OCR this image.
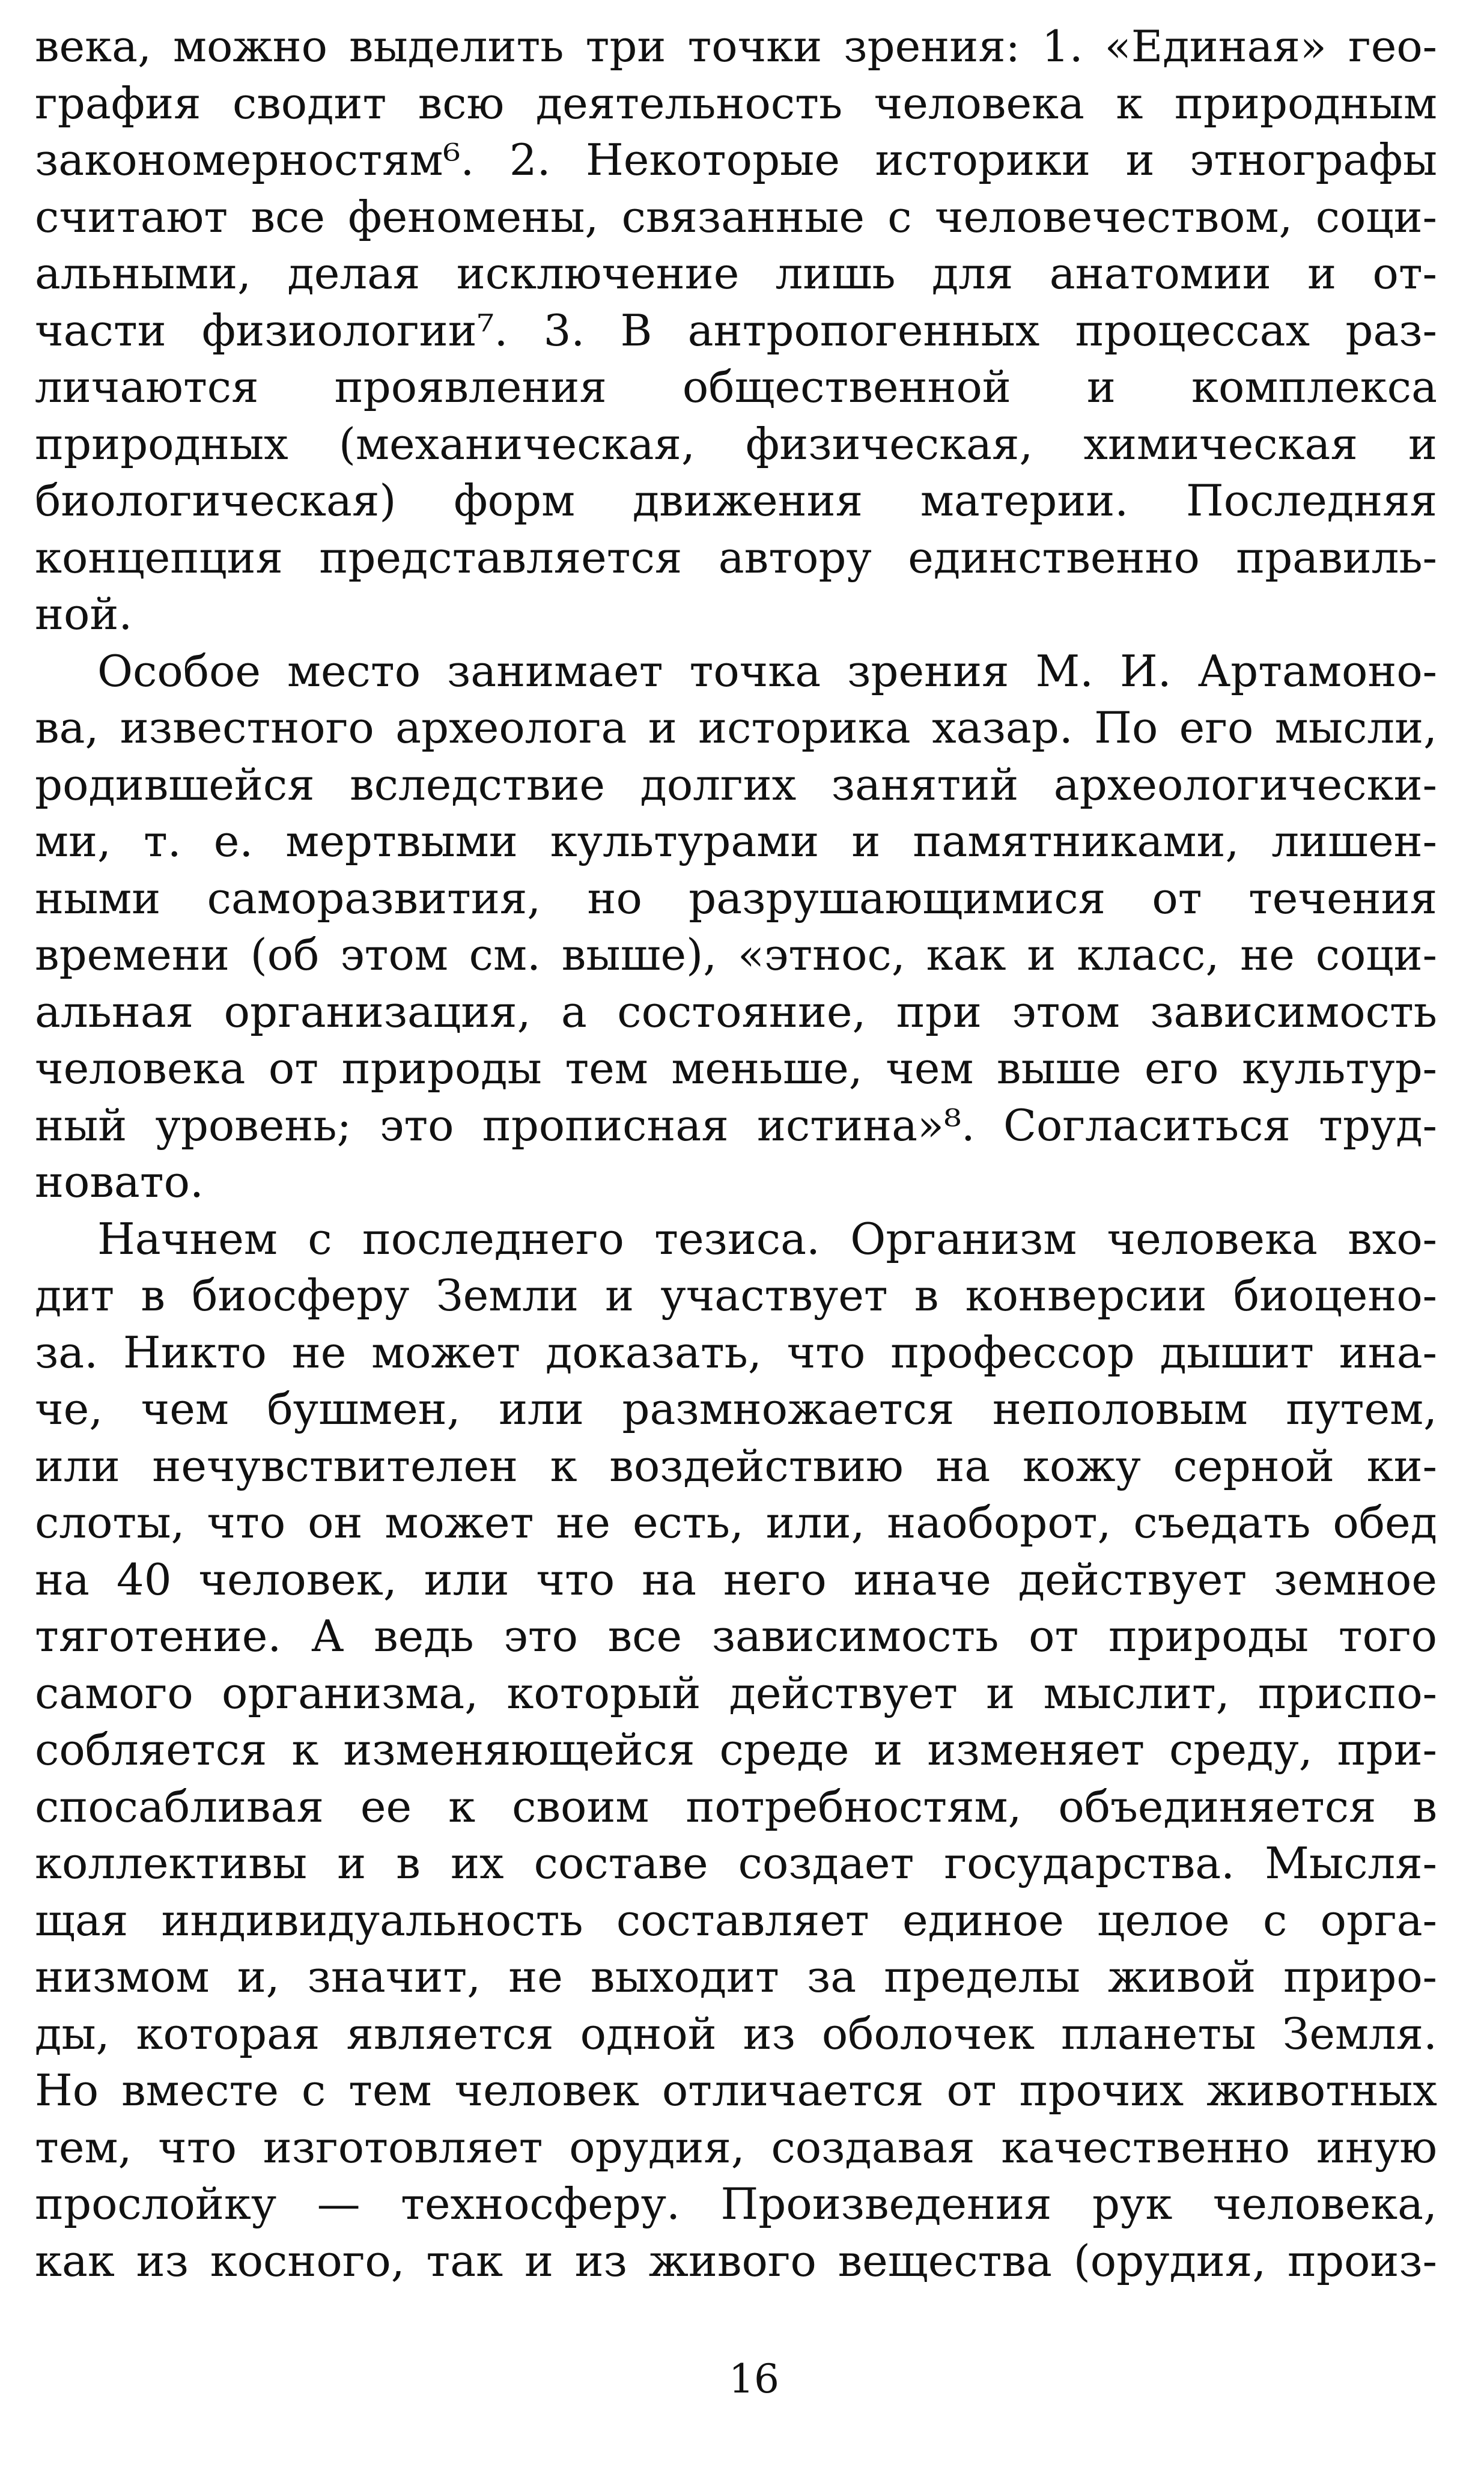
века, можно выделить три точки зрения: 1. «Единая» гео-
графия сводит всю деятельность человека к природным
закономерностям⁶. 2. Некоторые историки и этнографы
считают все феномены, связанные с человечеством, соци-
альными, делая исключение лишь для анатомии и от-
части физиологии⁷. 3. В антропогенных процессах раз-
личаются проявления общественной и комплекса
природных (механическая, физическая, химическая и
биологическая) форм движения материи. Последняя
концепция представляется автору единственно правиль-
ной.
Особое место занимает точка зрения М. И. Артамоно-
ва, известного археолога и историка хазар. По его мысли,
родившейся вследствие долгих занятий археологически-
ми, т. е. мертвыми культурами и памятниками, лишен-
ными саморазвития, но разрушающимися от течения
времени (об этом см. выше), «этнос, как и класс, не соци-
альная организация, а состояние, при этом зависимость
человека от природы тем меньше, чем выше его культур-
ный уровень; это прописная истина»⁸. Согласиться труд-
новато.
Начнем с последнего тезиса. Организм человека вхо-
дит в биосферу Земли и участвует в конверсии биоцено-
за. Никто не может доказать, что профессор дышит ина-
че, чем бушмен, или размножается неполовым путем,
или нечувствителен к воздействию на кожу серной ки-
слоты, что он может не есть, или, наоборот, съедать обед
на 40 человек, или что на него иначе действует земное
тяготение. А ведь это все зависимость от природы того
самого организма, который действует и мыслит, приспо-
собляется к изменяющейся среде и изменяет среду, при-
спосабливая ее к своим потребностям, объединяется в
коллективы и в их составе создает государства. Мысля-
щая индивидуальность составляет единое целое с орга-
низмом и, значит, не выходит за пределы живой приро-
ды, которая является одной из оболочек планеты Земля.
Но вместе с тем человек отличается от прочих животных
тем, что изготовляет орудия, создавая качественно иную
прослойку — техносферу. Произведения рук человека,
как из косного, так и из живого вещества (орудия, произ-
16
